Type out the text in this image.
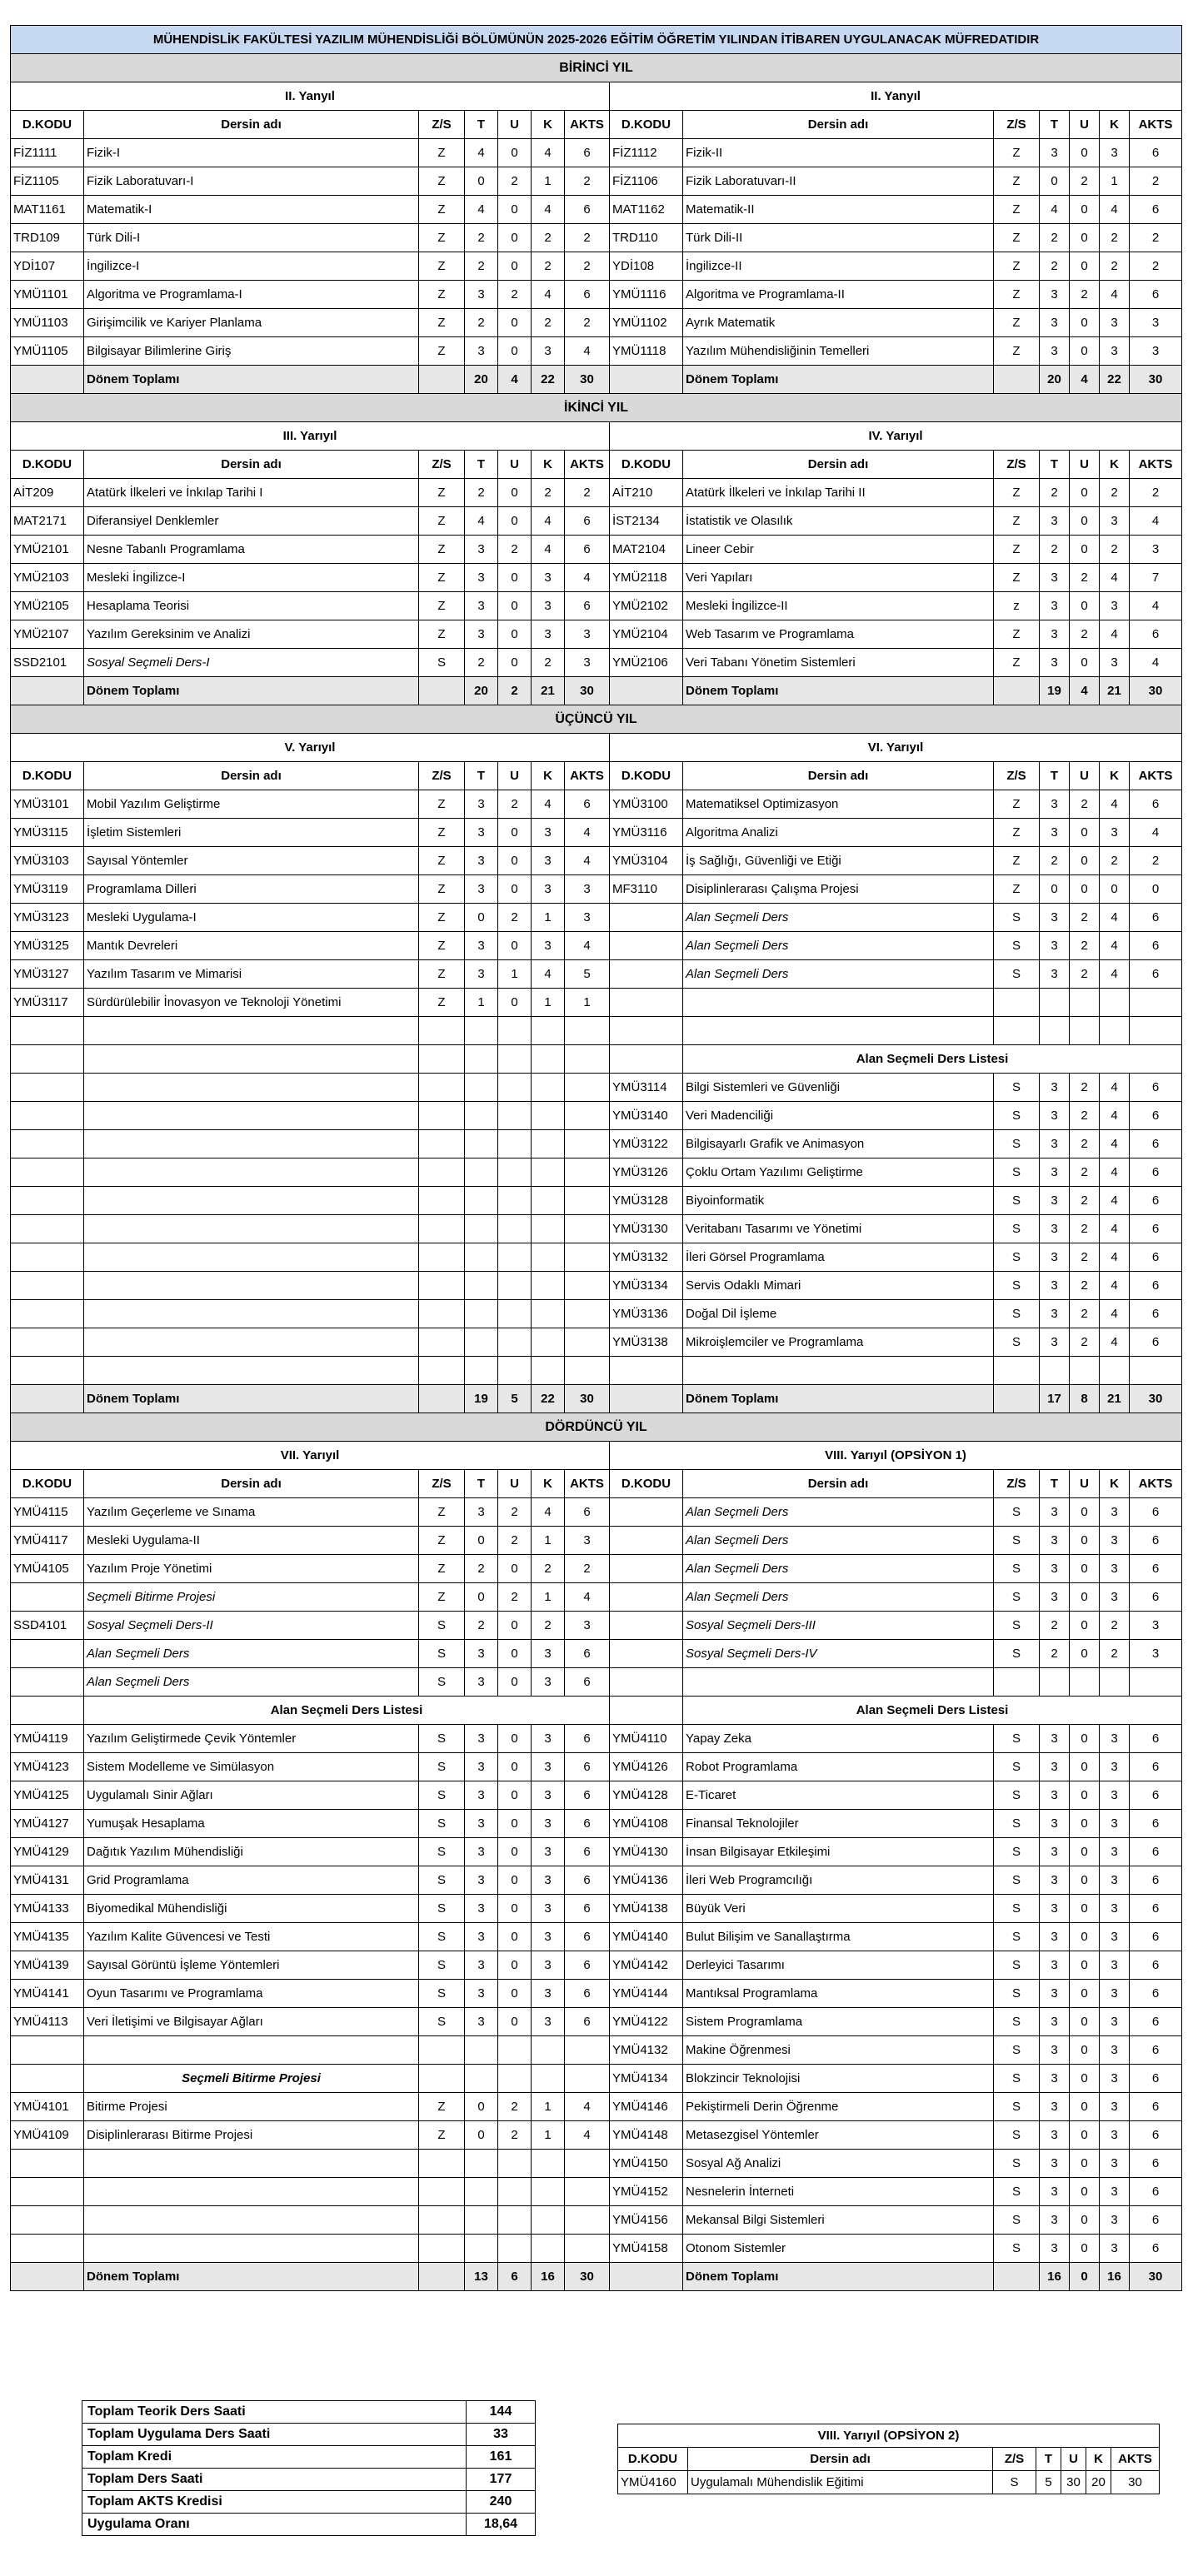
MÜHENDİSLİK FAKÜLTESİ YAZILIM MÜHENDİSLİĞİ BÖLÜMÜNÜN 2025-2026 EĞİTİM ÖĞRETİM YILINDAN İTİBAREN UYGULANACAK MÜFREDATIDIR													
BİRİNCİ YIL													
II. Yanyıl							II. Yanyıl						
D.KODU	Dersin adı	Z/S	T	U	K	AKTS	D.KODU	Dersin adı	Z/S	T	U	K	AKTS
FİZ1111	Fizik-I	Z	4	0	4	6	FİZ1112	Fizik-II	Z	3	0	3	6
FİZ1105	Fizik Laboratuvarı-I	Z	0	2	1	2	FİZ1106	Fizik Laboratuvarı-II	Z	0	2	1	2
MAT1161	Matematik-I	Z	4	0	4	6	MAT1162	Matematik-II	Z	4	0	4	6
TRD109	Türk Dili-I	Z	2	0	2	2	TRD110	Türk Dili-II	Z	2	0	2	2
YDİ107	İngilizce-I	Z	2	0	2	2	YDİ108	İngilizce-II	Z	2	0	2	2
YMÜ1101	Algoritma ve Programlama-I	Z	3	2	4	6	YMÜ1116	Algoritma ve Programlama-II	Z	3	2	4	6
YMÜ1103	Girişimcilik ve Kariyer Planlama	Z	2	0	2	2	YMÜ1102	Ayrık Matematik	Z	3	0	3	3
YMÜ1105	Bilgisayar Bilimlerine Giriş	Z	3	0	3	4	YMÜ1118	Yazılım Mühendisliğinin Temelleri	Z	3	0	3	3
	Dönem Toplamı		20	4	22	30		Dönem Toplamı		20	4	22	30
İKİNCİ YIL													
III. Yarıyıl							IV. Yarıyıl						
D.KODU	Dersin adı	Z/S	T	U	K	AKTS	D.KODU	Dersin adı	Z/S	T	U	K	AKTS
AİT209	Atatürk İlkeleri ve İnkılap Tarihi I	Z	2	0	2	2	AİT210	Atatürk İlkeleri ve İnkılap Tarihi II	Z	2	0	2	2
MAT2171	Diferansiyel Denklemler	Z	4	0	4	6	İST2134	İstatistik ve Olasılık	Z	3	0	3	4
YMÜ2101	Nesne Tabanlı Programlama	Z	3	2	4	6	MAT2104	Lineer Cebir	Z	2	0	2	3
YMÜ2103	Mesleki İngilizce-I	Z	3	0	3	4	YMÜ2118	Veri Yapıları	Z	3	2	4	7
YMÜ2105	Hesaplama Teorisi	Z	3	0	3	6	YMÜ2102	Mesleki İngilizce-II	z	3	0	3	4
YMÜ2107	Yazılım Gereksinim ve Analizi	Z	3	0	3	3	YMÜ2104	Web Tasarım ve Programlama	Z	3	2	4	6
SSD2101	Sosyal Seçmeli Ders-I	S	2	0	2	3	YMÜ2106	Veri Tabanı Yönetim Sistemleri	Z	3	0	3	4
	Dönem Toplamı		20	2	21	30		Dönem Toplamı		19	4	21	30
ÜÇÜNCÜ YIL													
V. Yarıyıl							VI. Yarıyıl						
D.KODU	Dersin adı	Z/S	T	U	K	AKTS	D.KODU	Dersin adı	Z/S	T	U	K	AKTS
YMÜ3101	Mobil Yazılım Geliştirme	Z	3	2	4	6	YMÜ3100	Matematiksel Optimizasyon	Z	3	2	4	6
YMÜ3115	İşletim Sistemleri	Z	3	0	3	4	YMÜ3116	Algoritma Analizi	Z	3	0	3	4
YMÜ3103	Sayısal Yöntemler	Z	3	0	3	4	YMÜ3104	İş Sağlığı, Güvenliği ve Etiği	Z	2	0	2	2
YMÜ3119	Programlama Dilleri	Z	3	0	3	3	MF3110	Disiplinlerarası Çalışma Projesi	Z	0	0	0	0
YMÜ3123	Mesleki Uygulama-I	Z	0	2	1	3		Alan Seçmeli Ders	S	3	2	4	6
YMÜ3125	Mantık Devreleri	Z	3	0	3	4		Alan Seçmeli Ders	S	3	2	4	6
YMÜ3127	Yazılım Tasarım ve Mimarisi	Z	3	1	4	5		Alan Seçmeli Ders	S	3	2	4	6
YMÜ3117	Sürdürülebilir İnovasyon ve Teknoloji Yönetimi	Z	1	0	1	1							

								Alan Seçmeli Ders Listesi					
							YMÜ3114	Bilgi Sistemleri ve Güvenliği	S	3	2	4	6
							YMÜ3140	Veri Madenciliği	S	3	2	4	6
							YMÜ3122	Bilgisayarlı Grafik ve Animasyon	S	3	2	4	6
							YMÜ3126	Çoklu Ortam Yazılımı Geliştirme	S	3	2	4	6
							YMÜ3128	Biyoinformatik	S	3	2	4	6
							YMÜ3130	Veritabanı Tasarımı ve Yönetimi	S	3	2	4	6
							YMÜ3132	İleri Görsel Programlama	S	3	2	4	6
							YMÜ3134	Servis Odaklı Mimari	S	3	2	4	6
							YMÜ3136	Doğal Dil İşleme	S	3	2	4	6
							YMÜ3138	Mikroişlemciler ve Programlama	S	3	2	4	6

	Dönem Toplamı		19	5	22	30		Dönem Toplamı		17	8	21	30
DÖRDÜNCÜ YIL													
VII. Yarıyıl							VIII. Yarıyıl (OPSİYON 1)						
D.KODU	Dersin adı	Z/S	T	U	K	AKTS	D.KODU	Dersin adı	Z/S	T	U	K	AKTS
YMÜ4115	Yazılım Geçerleme ve Sınama	Z	3	2	4	6		Alan Seçmeli Ders	S	3	0	3	6
YMÜ4117	Mesleki Uygulama-II	Z	0	2	1	3		Alan Seçmeli Ders	S	3	0	3	6
YMÜ4105	Yazılım Proje Yönetimi	Z	2	0	2	2		Alan Seçmeli Ders	S	3	0	3	6
	Seçmeli Bitirme Projesi	Z	0	2	1	4		Alan Seçmeli Ders	S	3	0	3	6
SSD4101	Sosyal Seçmeli Ders-II	S	2	0	2	3		Sosyal Seçmeli Ders-III	S	2	0	2	3
	Alan Seçmeli Ders	S	3	0	3	6		Sosyal Seçmeli Ders-IV	S	2	0	2	3
	Alan Seçmeli Ders	S	3	0	3	6							
	Alan Seçmeli Ders Listesi							Alan Seçmeli Ders Listesi					
YMÜ4119	Yazılım Geliştirmede Çevik Yöntemler	S	3	0	3	6	YMÜ4110	Yapay Zeka	S	3	0	3	6
YMÜ4123	Sistem Modelleme ve Simülasyon	S	3	0	3	6	YMÜ4126	Robot Programlama	S	3	0	3	6
YMÜ4125	Uygulamalı Sinir Ağları	S	3	0	3	6	YMÜ4128	E-Ticaret	S	3	0	3	6
YMÜ4127	Yumuşak Hesaplama	S	3	0	3	6	YMÜ4108	Finansal Teknolojiler	S	3	0	3	6
YMÜ4129	Dağıtık Yazılım Mühendisliği	S	3	0	3	6	YMÜ4130	İnsan Bilgisayar Etkileşimi	S	3	0	3	6
YMÜ4131	Grid Programlama	S	3	0	3	6	YMÜ4136	İleri Web Programcılığı	S	3	0	3	6
YMÜ4133	Biyomedikal Mühendisliği	S	3	0	3	6	YMÜ4138	Büyük Veri	S	3	0	3	6
YMÜ4135	Yazılım Kalite Güvencesi ve Testi	S	3	0	3	6	YMÜ4140	Bulut Bilişim ve Sanallaştırma	S	3	0	3	6
YMÜ4139	Sayısal Görüntü İşleme Yöntemleri	S	3	0	3	6	YMÜ4142	Derleyici Tasarımı	S	3	0	3	6
YMÜ4141	Oyun Tasarımı ve Programlama	S	3	0	3	6	YMÜ4144	Mantıksal Programlama	S	3	0	3	6
YMÜ4113	Veri İletişimi ve Bilgisayar Ağları	S	3	0	3	6	YMÜ4122	Sistem Programlama	S	3	0	3	6
							YMÜ4132	Makine Öğrenmesi	S	3	0	3	6
	Seçmeli Bitirme Projesi						YMÜ4134	Blokzincir Teknolojisi	S	3	0	3	6
YMÜ4101	Bitirme Projesi	Z	0	2	1	4	YMÜ4146	Pekiştirmeli Derin Öğrenme	S	3	0	3	6
YMÜ4109	Disiplinlerarası Bitirme Projesi	Z	0	2	1	4	YMÜ4148	Metasezgisel Yöntemler	S	3	0	3	6
							YMÜ4150	Sosyal Ağ Analizi	S	3	0	3	6
							YMÜ4152	Nesnelerin İnterneti	S	3	0	3	6
							YMÜ4156	Mekansal Bilgi Sistemleri	S	3	0	3	6
							YMÜ4158	Otonom Sistemler	S	3	0	3	6
	Dönem Toplamı		13	6	16	30		Dönem Toplamı		16	0	16	30
Toplam Teorik Ders Saati	144
Toplam Uygulama Ders Saati	33
Toplam Kredi	161
Toplam Ders Saati	177
Toplam AKTS Kredisi	240
Uygulama Oranı	18,64
VIII. Yarıyıl (OPSİYON 2)						
D.KODU	Dersin adı	Z/S	T	U	K	AKTS
YMÜ4160	Uygulamalı Mühendislik Eğitimi	S	5	30	20	30
